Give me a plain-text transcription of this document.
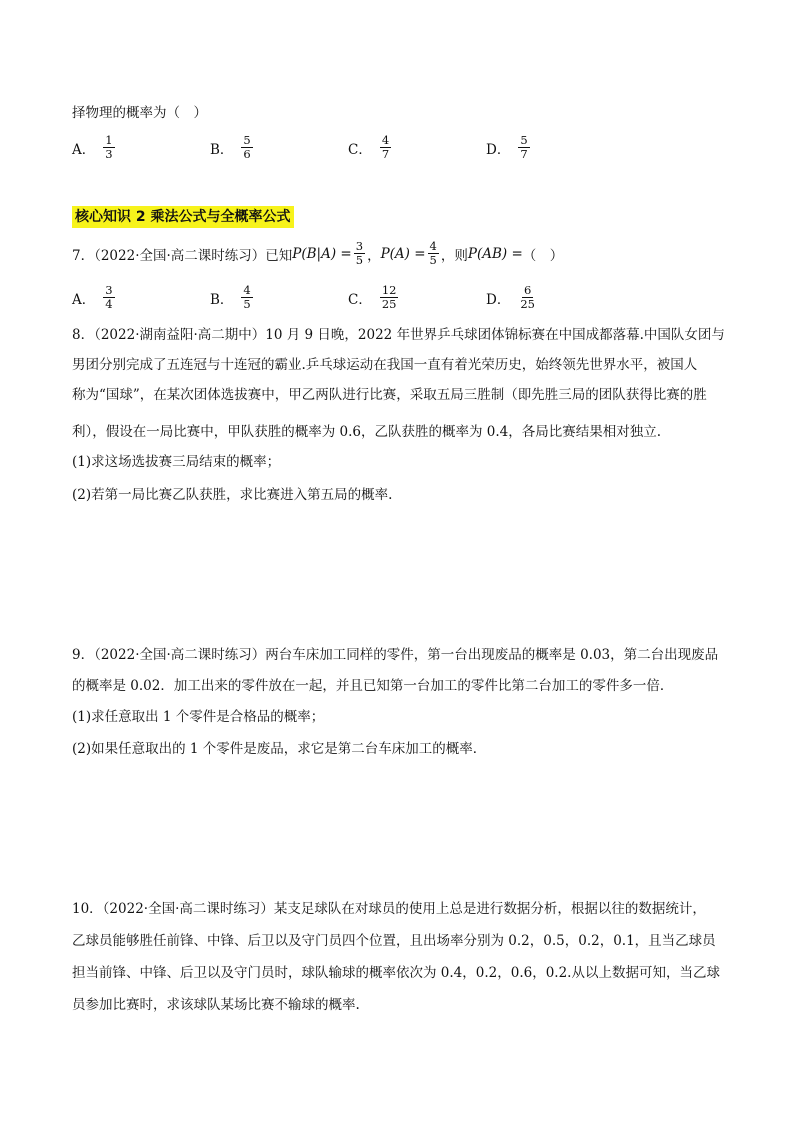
择物理的概率为（　）
A． $\frac{1}{3}$	B． $\frac{5}{6}$	C． $\frac{4}{7}$	D． $\frac{5}{7}$
核心知识 2 乘法公式与全概率公式
7．（2022·全国·高二课时练习）已知 $P(B|A) = \frac{3}{5}$ ， $P(A) = \frac{4}{5}$ ，则 P(AB) = （　）
A． $\frac{3}{4}$	B． $\frac{4}{5}$	C． $\frac{12}{25}$	D． $\frac{6}{25}$
8．（2022·湖南益阳·高二期中）10 月 9 日晚，2022 年世界乒乓球团体锦标赛在中国成都落幕.中国队女团与
男团分别完成了五连冠与十连冠的霸业.乒乓球运动在我国一直有着光荣历史，始终领先世界水平，被国人
称为“国球”，在某次团体选拔赛中，甲乙两队进行比赛，采取五局三胜制（即先胜三局的团队获得比赛的胜
利），假设在一局比赛中，甲队获胜的概率为 0.6，乙队获胜的概率为 0.4，各局比赛结果相对独立.
(1)求这场选拔赛三局结束的概率；
(2)若第一局比赛乙队获胜，求比赛进入第五局的概率.
9．（2022·全国·高二课时练习）两台车床加工同样的零件，第一台出现废品的概率是 0.03，第二台出现废品
的概率是 0.02．加工出来的零件放在一起，并且已知第一台加工的零件比第二台加工的零件多一倍．
(1)求任意取出 1 个零件是合格品的概率；
(2)如果任意取出的 1 个零件是废品，求它是第二台车床加工的概率．
10．（2022·全国·高二课时练习）某支足球队在对球员的使用上总是进行数据分析，根据以往的数据统计，
乙球员能够胜任前锋、中锋、后卫以及守门员四个位置，且出场率分别为 0.2，0.5，0.2，0.1，且当乙球员
担当前锋、中锋、后卫以及守门员时，球队输球的概率依次为 0.4，0.2，0.6，0.2.从以上数据可知，当乙球
员参加比赛时，求该球队某场比赛不输球的概率.
